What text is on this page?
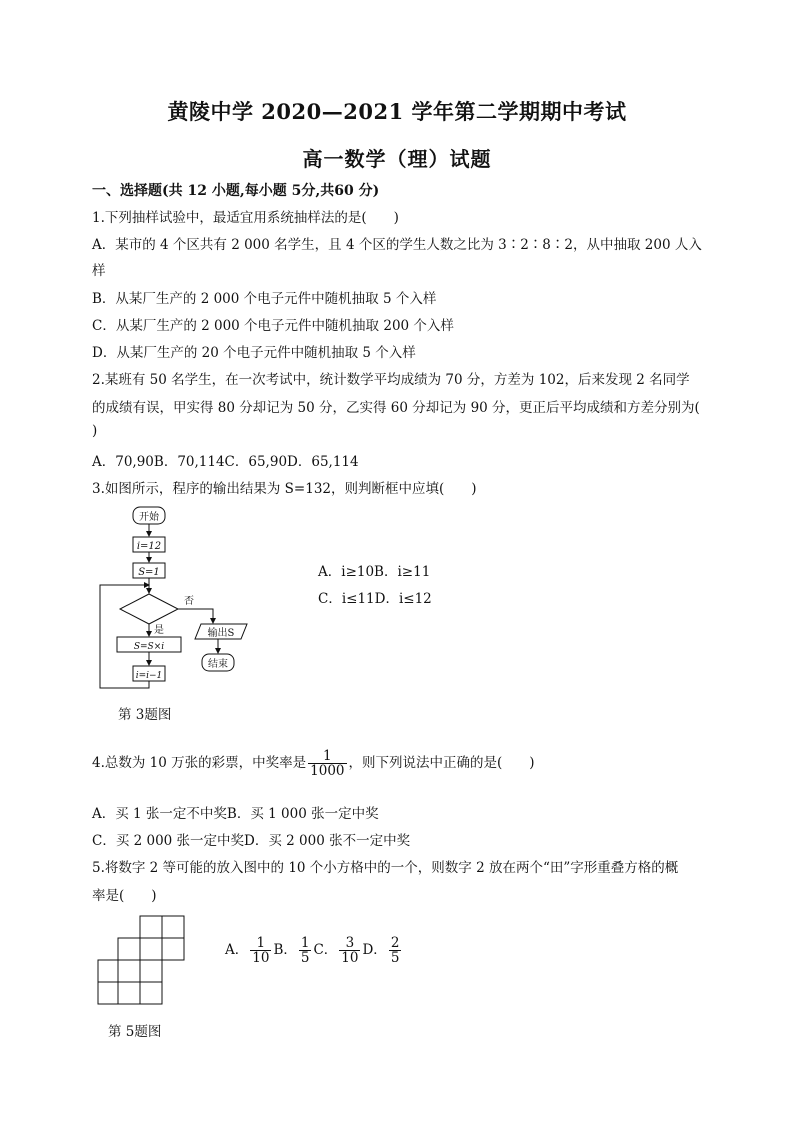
黄陵中学 2020—2021 学年第二学期期中考试
高一数学（理）试题
一、选择题(共 12 小题,每小题 5分,共60 分)
1.下列抽样试验中，最适宜用系统抽样法的是(　　)
A．某市的 4 个区共有 2 000 名学生，且 4 个区的学生人数之比为 3∶2∶8∶2，从中抽取 200 人入
样
B．从某厂生产的 2 000 个电子元件中随机抽取 5 个入样
C．从某厂生产的 2 000 个电子元件中随机抽取 200 个入样
D．从某厂生产的 20 个电子元件中随机抽取 5 个入样
2.某班有 50 名学生，在一次考试中，统计数学平均成绩为 70 分，方差为 102，后来发现 2 名同学
的成绩有误，甲实得 80 分却记为 50 分，乙实得 60 分却记为 90 分，更正后平均成绩和方差分别为(
)
A．70,90B．70,114C．65,90D．65,114
3.如图所示，程序的输出结果为 S=132，则判断框中应填(　　)
开始
i=12
S=1
否
是	输出S
结束
S=S×i
i=i−1
A．i≥10B．i≥11
C．i≤11D．i≤12
第 3题图
4.总数为 10 万张的彩票，中奖率是 $\frac{1}{1000}$ ，则下列说法中正确的是(　　)
A．买 1 张一定不中奖B．买 1 000 张一定中奖
C．买 2 000 张一定中奖D．买 2 000 张不一定中奖
5.将数字 2 等可能的放入图中的 10 个小方格中的一个，则数字 2 放在两个“田”字形重叠方格的概
率是(　　)
A． $\frac{1}{10}$ B． $\frac{1}{5}$ C． $\frac{3}{10}$ D． $\frac{2}{5}$
第 5题图
